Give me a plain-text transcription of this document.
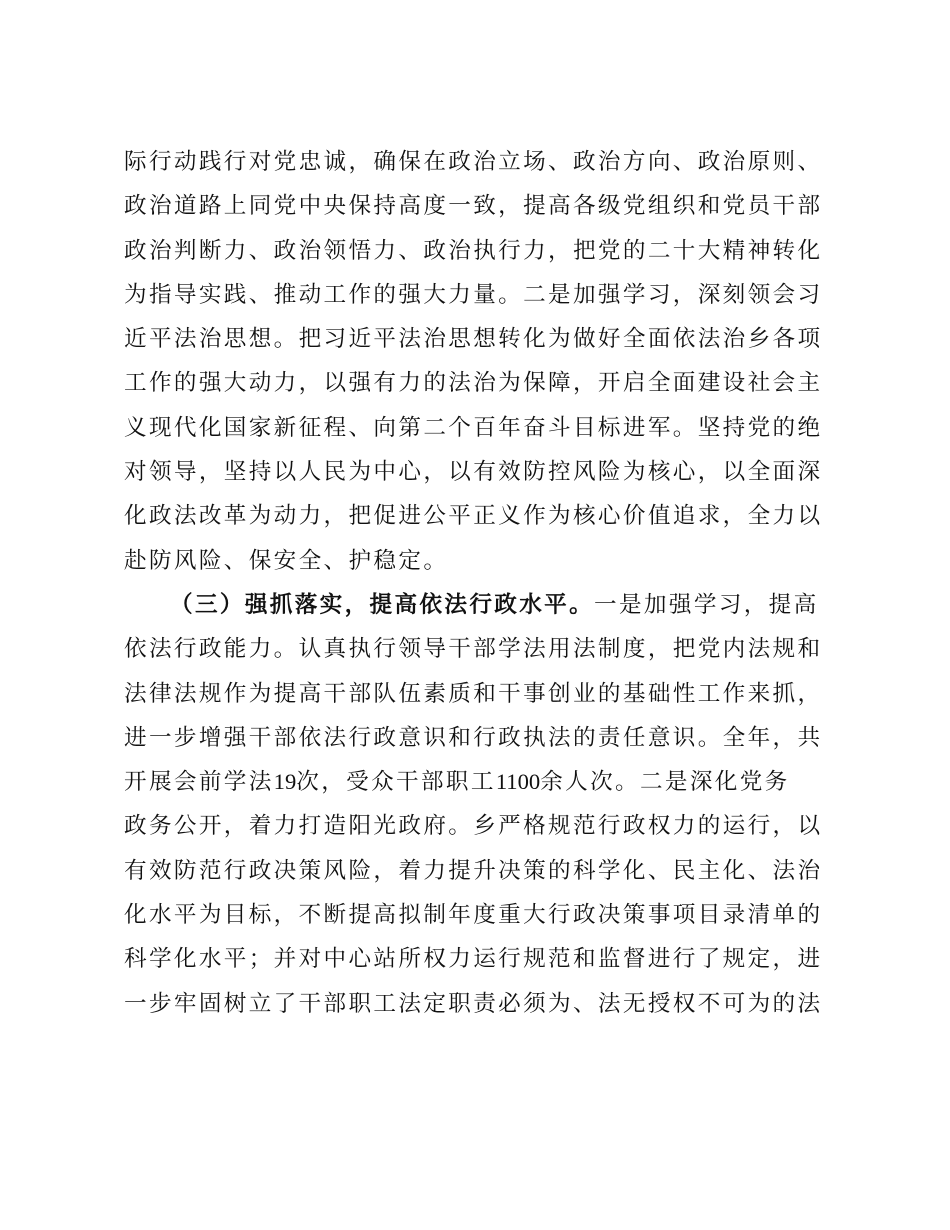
际行动践行对党忠诚，确保在政治立场、政治方向、政治原则、
政治道路上同党中央保持高度一致，提高各级党组织和党员干部
政治判断力、政治领悟力、政治执行力，把党的二十大精神转化
为指导实践、推动工作的强大力量。二是加强学习，深刻领会习
近平法治思想。把习近平法治思想转化为做好全面依法治乡各项
工作的强大动力，以强有力的法治为保障，开启全面建设社会主
义现代化国家新征程、向第二个百年奋斗目标进军。坚持党的绝
对领导，坚持以人民为中心，以有效防控风险为核心，以全面深
化政法改革为动力，把促进公平正义作为核心价值追求，全力以
赴防风险、保安全、护稳定。
（三）强抓落实，提高依法行政水平。一是加强学习，提高
依法行政能力。认真执行领导干部学法用法制度，把党内法规和
法律法规作为提高干部队伍素质和干事创业的基础性工作来抓，
进一步增强干部依法行政意识和行政执法的责任意识。全年，共
开展会前学法19次，受众干部职工1100余人次。二是深化党务
政务公开，着力打造阳光政府。乡严格规范行政权力的运行，以
有效防范行政决策风险，着力提升决策的科学化、民主化、法治
化水平为目标，不断提高拟制年度重大行政决策事项目录清单的
科学化水平；并对中心站所权力运行规范和监督进行了规定，进
一步牢固树立了干部职工法定职责必须为、法无授权不可为的法
